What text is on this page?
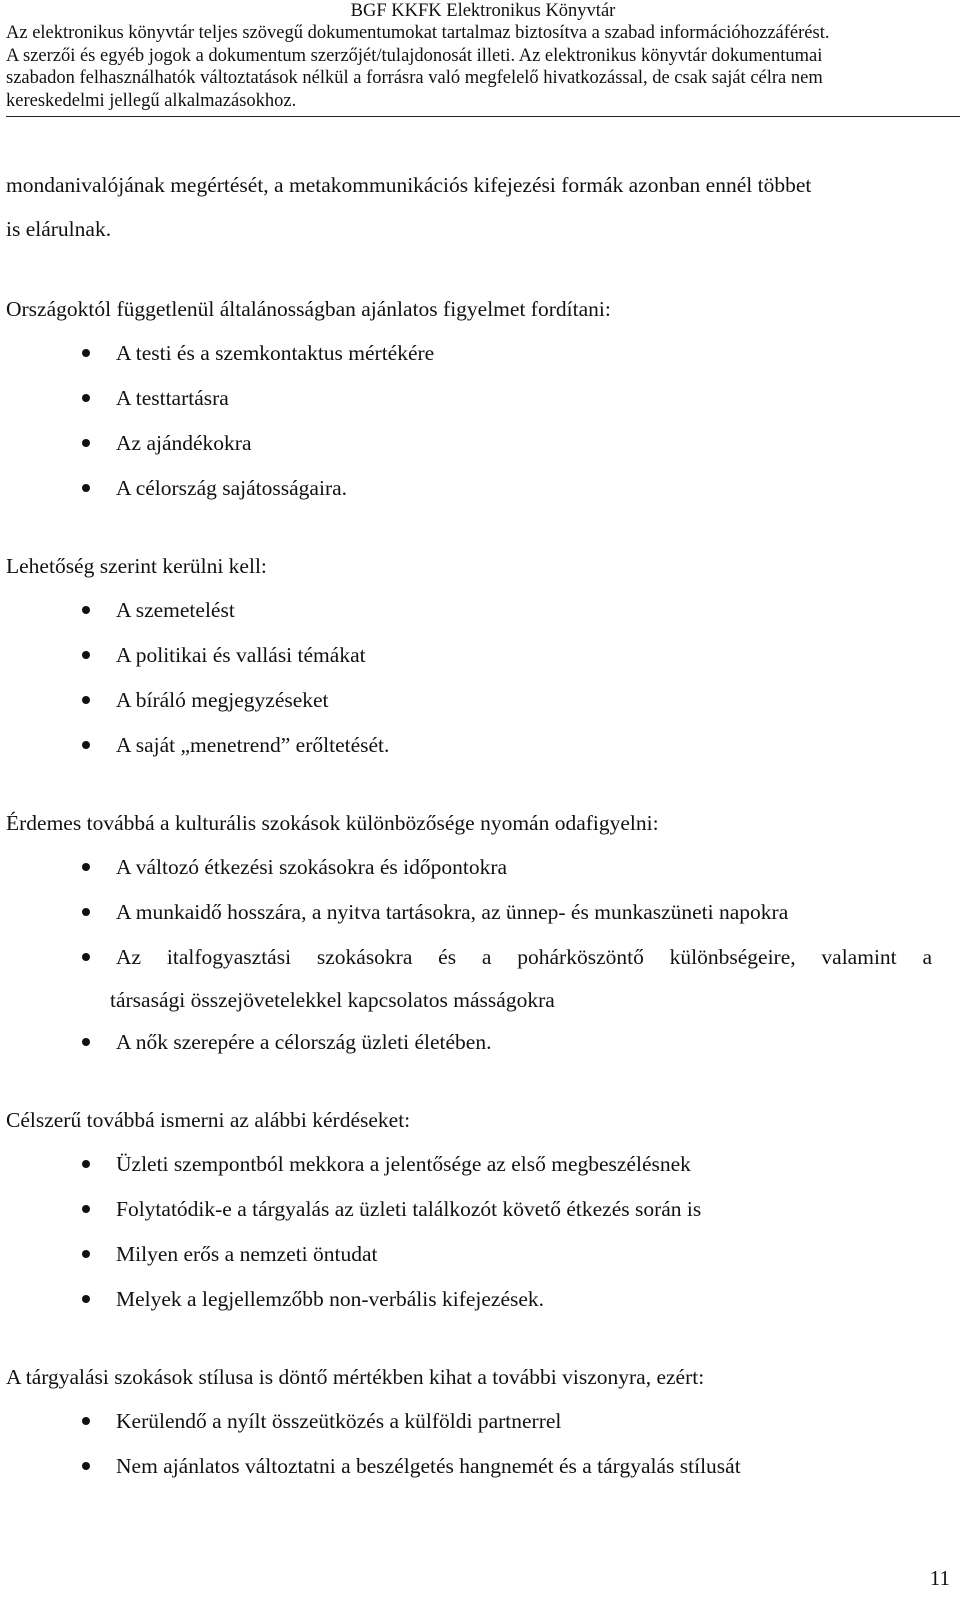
BGF KKFK Elektronikus Könyvtár
Az elektronikus könyvtár teljes szövegű dokumentumokat tartalmaz biztosítva a szabad információhozzáférést.
A szerzői és egyéb jogok a dokumentum szerzőjét/tulajdonosát illeti. Az elektronikus könyvtár dokumentumai
szabadon felhasználhatók változtatások nélkül a forrásra való megfelelő hivatkozással, de csak saját célra nem
kereskedelmi jellegű alkalmazásokhoz.

mondanivalójának megértését, a metakommunikációs kifejezési formák azonban ennél többet
is elárulnak.

Országoktól függetlenül általánosságban ajánlatos figyelmet fordítani:

A testi és a szemkontaktus mértékére
A testtartásra
Az ajándékokra
A célország sajátosságaira.

Lehetőség szerint kerülni kell:

A szemetelést
A politikai és vallási témákat
A bíráló megjegyzéseket
A saját „menetrend” erőltetését.

Érdemes továbbá a kulturális szokások különbözősége nyomán odafigyelni:

A változó étkezési szokásokra és időpontokra
A munkaidő hosszára, a nyitva tartásokra, az ünnep- és munkaszüneti napokra
Az italfogyasztási szokásokra és a pohárköszöntő különbségeire, valamint a
társasági összejövetelekkel kapcsolatos másságokra
A nők szerepére a célország üzleti életében.

Célszerű továbbá ismerni az alábbi kérdéseket:

Üzleti szempontból mekkora a jelentősége az első megbeszélésnek
Folytatódik-e a tárgyalás az üzleti találkozót követő étkezés során is
Milyen erős a nemzeti öntudat
Melyek a legjellemzőbb non-verbális kifejezések.

A tárgyalási szokások stílusa is döntő mértékben kihat a további viszonyra, ezért:

Kerülendő a nyílt összeütközés a külföldi partnerrel
Nem ajánlatos változtatni a beszélgetés hangnemét és a tárgyalás stílusát
11
